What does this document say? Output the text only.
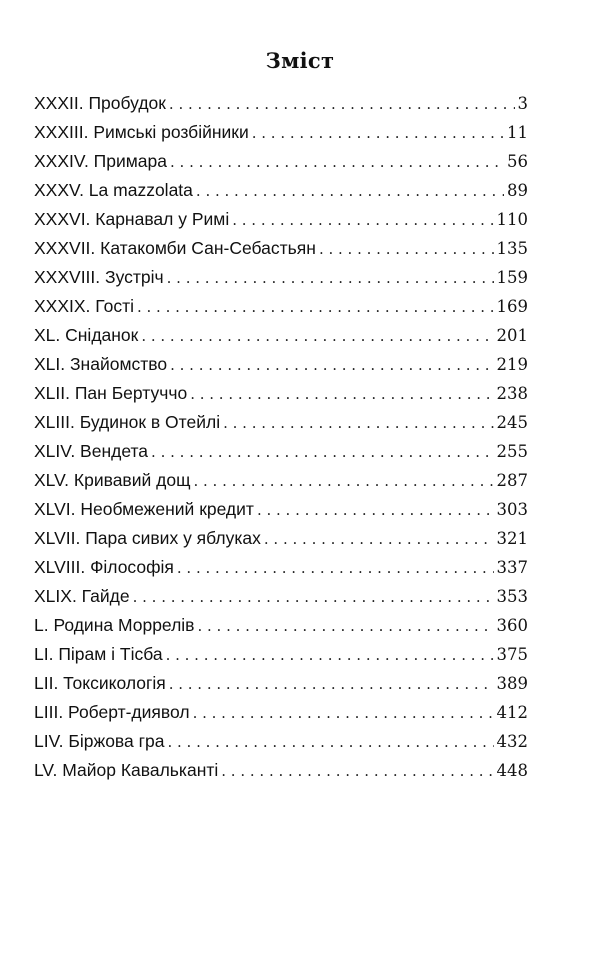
Зміст
XXXII. Пробудок . . .	3
XXXIII. Римські розбійники . . .	11
XXXIV. Примара . . .	56
XXXV. La mazzolata . . .	89
XXXVI. Карнавал у Римі . . .	110
XXXVII. Катакомби Сан-Себастьян . . .	135
XXXVIII. Зустріч . . .	159
XXXIX. Гості . . .	169
XL. Сніданок . . .	201
XLI. Знайомство . . .	219
XLII. Пан Бертуччо . . .	238
XLIII. Будинок в Отейлі . . .	245
XLIV. Вендета . . .	255
XLV. Кривавий дощ . . .	287
XLVI. Необмежений кредит . . .	303
XLVII. Пара сивих у яблуках . . .	321
XLVIII. Філософія . . .	337
XLIX. Гайде . . .	353
L. Родина Моррелів . . .	360
LI. Пірам і Тісба . . .	375
LII. Токсикологія . . .	389
LIII. Роберт-диявол . . .	412
LIV. Біржова гра . . .	432
LV. Майор Кавальканті . . .	448
